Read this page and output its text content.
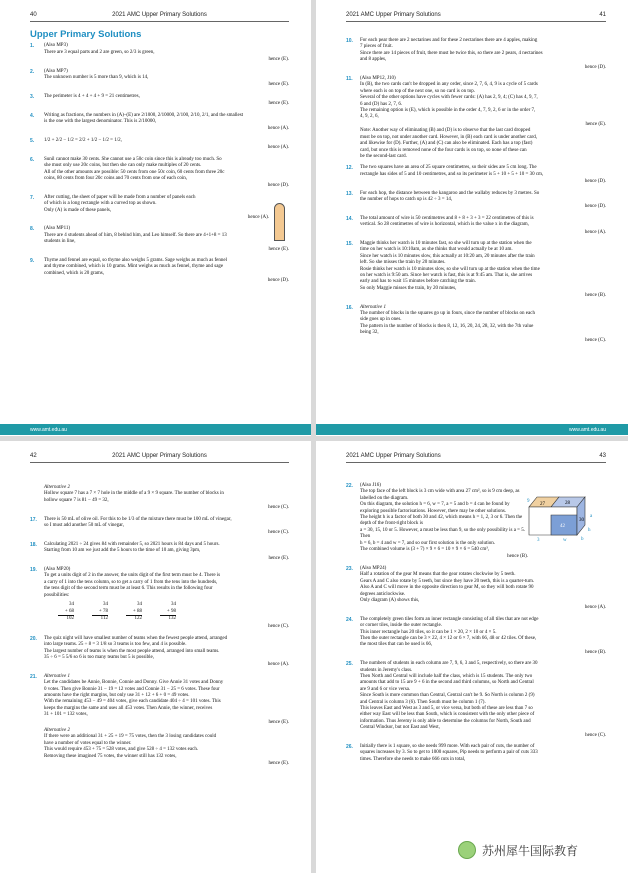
40	2021 AMC Upper Primary Solutions
Upper Primary Solutions
1. (Also MP3)

There are 3 equal parts and 2 are green, so 2/3 is green,

hence (E).

2. (Also MP7)

The unknown number is 5 more than 9, which is 14,

hence (E).

3. The perimeter is 4 + 4 + 4 + 9 = 21 centimetres,

hence (E).

4. Writing as fractions, the numbers in (A)–(E) are 2/1000, 2/10000, 2/100, 2/10, 2/1, and the smallest

is the one with the largest denominator. This is 2/10000,

hence (A).

5. 1/2 + 2/2 − 1/2 = 2/2 + 1/2 − 1/2 = 1/2,

hence (A).

6. Sunil cannot make 30 cents. She cannot use a 50c coin since this is already too much. So

she must only use 20c coins, but then she can only make multiples of 20 cents.

All of the other amounts are possible: 50 cents from one 50c coin, 60 cents from three 20c

coins, 80 cents from four 20c coins and 70 cents from one of each coin,

hence (D).

7. After cutting, the sheet of paper will be made from a number of panels each

of which is a long rectangle with a curved top as shown.

Only (A) is made of these panels,

hence (A).

8. (Also MP11)

There are 4 students ahead of him, 8 behind him, and Leo himself. So there are 4+1+8 = 13

students in line,

hence (E).

9. Thyme and fennel are equal, so thyme also weighs 5 grams. Sage weighs as much as fennel

and thyme combined, which is 10 grams. Mint weighs as much as fennel, thyme and sage

combined, which is 20 grams,

hence (D).

www.amt.edu.au
2021 AMC Upper Primary Solutions	41
10. For each pear there are 2 nectarines and for these 2 nectarines there are 4 apples, making

7 pieces of fruit.

Since there are 14 pieces of fruit, there must be twice this, so there are 2 pears, 4 nectarines

and 8 apples,

hence (D).

11. (Also MP12, J10)

In (B), the two cards can't be dropped in any order, since 2, 7, 6, 4, 9 is a cycle of 5 cards

where each is on top of the next one, so no card is on top.

Several of the other options have cycles with fewer cards: (A) has 2, 9, 4; (C) has 4, 9, 7,

6 and (D) has 2, 7, 6.

The remaining option is (E), which is possible in the order 4, 7, 9, 2, 6 or in the order 7,

4, 9, 2, 6,

hence (E).

Note: Another way of eliminating (B) and (D) is to observe that the last card dropped

must be on top, not under another card. However, in (B) each card is under another card,

and likewise for (D). Further, (A) and (C) can also be eliminated. Each has a top (fast)

card, but once this is removed none of the four cards is on top, so none of these can

be the second-last card.

12. The two squares have an area of 25 square centimetres, so their sides are 5 cm long. The

rectangle has sides of 5 and 10 centimetres, and so its perimeter is 5 + 10 + 5 + 10 = 30 cm,

hence (D).

13. For each hop, the distance between the kangaroo and the wallaby reduces by 3 metres. So

the number of hops to catch up is 42 ÷ 3 = 14,

hence (D).

14. The total amount of wire is 50 centimetres and 8 + 8 + 3 + 3 = 22 centimetres of this is

vertical. So 28 centimetres of wire is horizontal, which is the value x in the diagram,

hence (A).

15. Maggie thinks her watch is 10 minutes fast, so she will turn up at the station when the

time on her watch is 10:10am, as she thinks that would actually be at 10 am.

Since her watch is 10 minutes slow, this actually at 10:20 am, 20 minutes after the train

left. So she misses the train by 20 minutes.

Rosie thinks her watch is 10 minutes slow, so she will turn up at the station when the time

on her watch is 9:50 am. Since her watch is fast, this is at 9:45 am. That is, she arrives

early and has to wait 15 minutes before catching the train.

So only Maggie misses the train, by 20 minutes,

hence (B).

16. Alternative 1

The number of blocks in the squares go up in fours, since the number of blocks on each

side goes up in ones.

The pattern in the number of blocks is then 8, 12, 16, 20, 24, 28, 32, with the 7th value

being 32,

hence (C).

www.amt.edu.au
42	2021 AMC Upper Primary Solutions

Alternative 2

Hollow square 7 has a 7 × 7 hole in the middle of a 9 × 9 square. The number of blocks in

hollow square 7 is 81 − 49 = 32,

hence (C).

17. There is 50 mL of olive oil. For this to be 1/3 of the mixture there must be 100 mL of vinegar,

so I must add another 50 mL of vinegar,

hence (C).

18. Calculating 2021 ÷ 24 gives 84 with remainder 5, so 2021 hours is 84 days and 5 hours.

Starting from 10 am we just add the 5 hours to the time of 10 am, giving 3pm,

hence (E).

19. (Also MP20)

To get a units digit of 2 in the answer, the units digit of the first term must be 4. There is

a carry of 1 into the tens column, so to get a carry of 1 from the tens into the hundreds,

the tens digit of the second term must be at least 6. This results in the following four

possibilities:

34
+ 68
102
34
+ 78
112
34
+ 88
122
34
+ 98
132

hence (C).

20. The quiz night will have smallest number of teams when the fewest people attend, arranged

into large teams. 25 ÷ 8 = 3 1/8 so 3 teams is too few, and 4 is possible.

The largest number of teams is when the most people attend, arranged into small teams.

35 ÷ 6 = 5 5/6 so 6 is too many teams but 5 is possible,

hence (A).

21. Alternative 1

Let the candidates be Annie, Bonnie, Connie and Donny. Give Annie 31 votes and Donny

0 votes. Then give Bonnie 31 − 19 = 12 votes and Connie 31 − 25 = 6 votes. These four

amounts have the right margins, but only use 31 + 12 + 6 + 0 = 49 votes.

With the remaining 453 − 49 = 404 votes, give each candidate 404 ÷ 4 = 101 votes. This

keeps the margins the same and uses all 453 votes. Then Annie, the winner, receives

31 + 101 = 132 votes,

hence (E).

Alternative 2

If there were an additional 31 + 25 + 19 = 75 votes, then the 3 losing candidates could

have a number of votes equal to the winner.

This would require 453 + 75 = 528 votes, and give 528 ÷ 4 = 132 votes each.

Removing these imagined 75 votes, the winner still has 132 votes,

hence (E).

2021 AMC Upper Primary Solutions	43
22. (Also J16)

The top face of the left block is 3 cm wide with area 27 cm², so is 9 cm deep, as labelled on the diagram.

On this diagram, the solution h = 6, w = 7, a = 5 and b = 4 can be found by exploring possible factorisations. However, there may be other solutions.

The height h is a factor of both 30 and 42, which means h = 1, 2, 3 or 6. Then the depth of the front-right block is

a = 30, 15, 10 or 5. However, a must be less than 9, so the only possibility is a = 5. Then

h = 6, b = 4 and w = 7, and so our first solution is the only solution.

The combined volume is (3 + 7) × 9 × 6 = 10 × 9 × 6 = 540 cm³,

hence (B).

23. (Also MP24)

Half a rotation of the gear M means that the gear rotates clockwise by 5 teeth.

Gears A and C also rotate by 5 teeth, but since they have 20 teeth, this is a quarter-turn.

Also A and C will move in the opposite direction to gear M, so they will both rotate 90

degrees anticlockwise.

Only diagram (A) shows this,

hence (A).

24. The completely green tiles form an inner rectangle consisting of all tiles that are not edge

or corner tiles, inside the outer rectangle.

This inner rectangle has 20 tiles, so it can be 1 × 20, 2 × 10 or 4 × 5.

Then the outer rectangle can be 3 × 22, 4 × 12 or 6 × 7, with 66, 48 or 42 tiles. Of these,

the most tiles that can be used is 66,

hence (B).

25. The numbers of students in each column are 7, 9, 6, 3 and 5, respectively, so there are 30

students in Jeremy's class.

Then North and Central will include half the class, which is 15 students. The only two

amounts that add to 15 are 9 + 6 in the second and third columns, so North and Central

are 9 and 6 or vice versa.

Since South is more common than Central, Central can't be 9. So North is column 2 (9)

and Central is column 3 (6). Then South must be column 1 (7).

This leaves East and West as 3 and 5, or vice versa, but both of these are less than 7 so

either way East will be less than South, which is consistent with the only other piece of

information. Thus Jeremy is only able to determine the columns for North, South and

Central Windsor, but not East and West,

hence (C).

26. Initially there is 1 square, so she needs 999 more. With each pair of cuts, the number of

squares increases by 3. So to get to 1000 squares, Pip needs to perform a pair of cuts 333

times. Therefore she needs to make 666 cuts in total,

27	28
42
30
9
3	w
h
a
b
苏州犀牛国际教育
